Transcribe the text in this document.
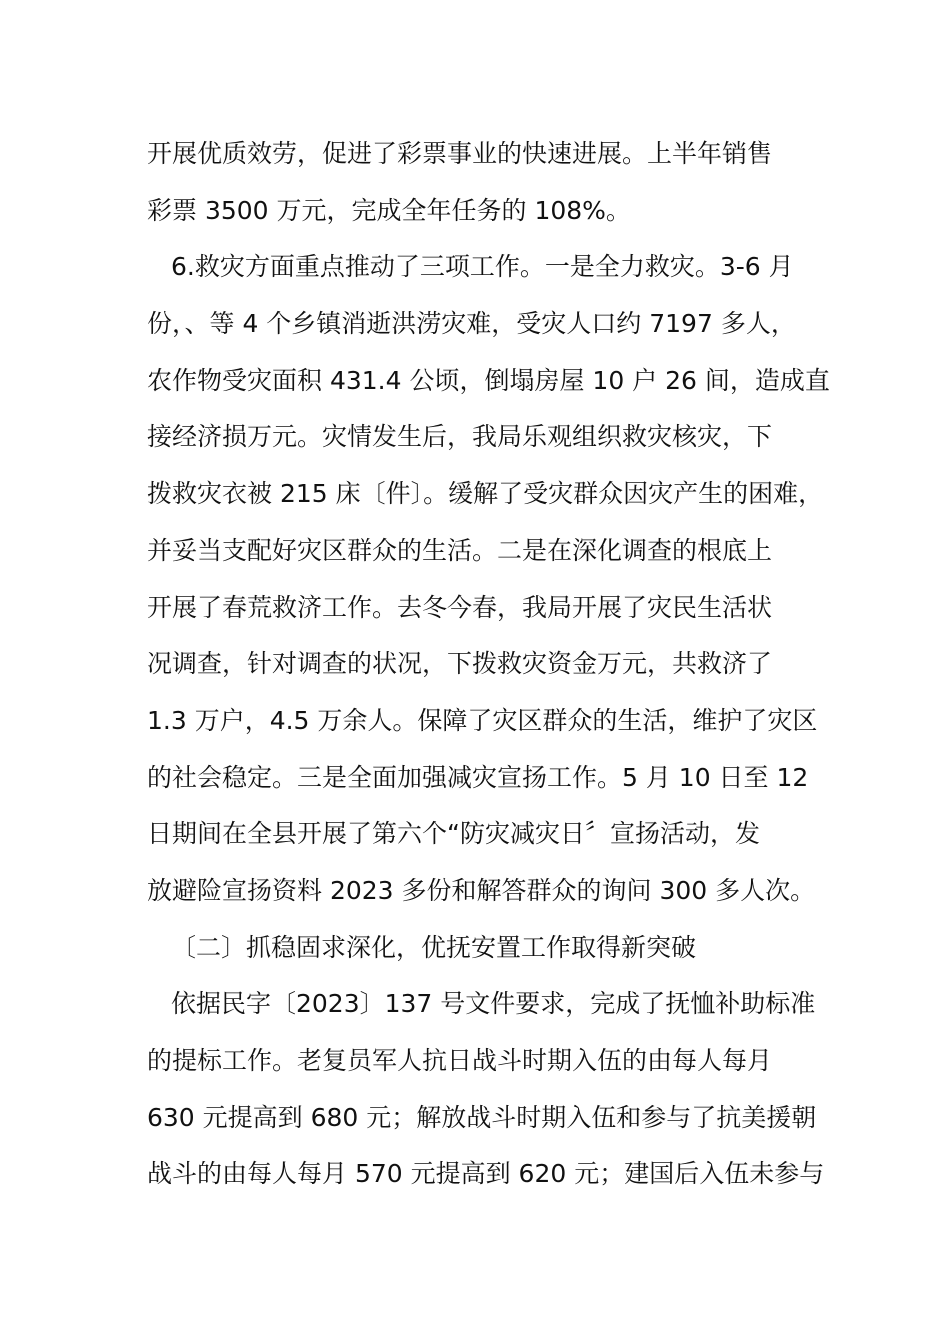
开展优质效劳，促进了彩票事业的快速进展。上半年销售
彩票 3500 万元，完成全年任务的 108%。
6.救灾方面重点推动了三项工作。一是全力救灾。3-6 月
份，、等 4 个乡镇消逝洪涝灾难，受灾人口约 7197 多人，
农作物受灾面积 431.4 公顷，倒塌房屋 10 户 26 间，造成直
接经济损万元。灾情发生后，我局乐观组织救灾核灾，下
拨救灾衣被 215 床〔件〕。缓解了受灾群众因灾产生的困难，
并妥当支配好灾区群众的生活。二是在深化调查的根底上
开展了春荒救济工作。去冬今春，我局开展了灾民生活状
况调查，针对调查的状况，下拨救灾资金万元，共救济了
1.3 万户，4.5 万余人。保障了灾区群众的生活，维护了灾区
的社会稳定。三是全面加强减灾宣扬工作。5 月 10 日至 12
日期间在全县开展了第六个“防灾减灾日〞宣扬活动，发
放避险宣扬资料 2023 多份和解答群众的询问 300 多人次。
〔二〕抓稳固求深化，优抚安置工作取得新突破
依据民字〔2023〕137 号文件要求，完成了抚恤补助标准
的提标工作。老复员军人抗日战斗时期入伍的由每人每月
630 元提高到 680 元；解放战斗时期入伍和参与了抗美援朝
战斗的由每人每月 570 元提高到 620 元；建国后入伍未参与
